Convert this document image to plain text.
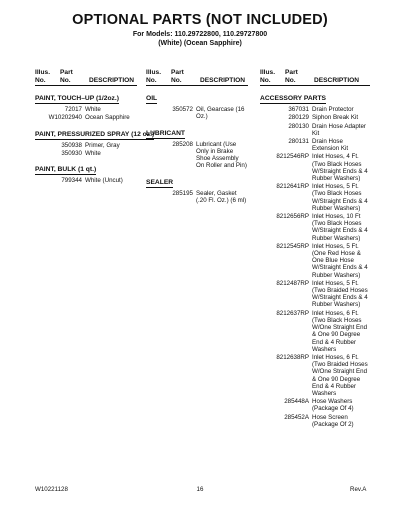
OPTIONAL PARTS (NOT INCLUDED)
For Models: 110.29722800, 110.29727800
(White) (Ocean Sapphire)
Illus.
No.
Part
No.	DESCRIPTION
PAINT, TOUCH–UP (1/2oz.)
72017 White
W10202940 Ocean Sapphire
PAINT, PRESSURIZED SPRAY (12 oz.)
350938 Primer, Gray
350930 White
PAINT, BULK (1 qt.)
799344 White (Uncut)
Illus.
No.
Part
No.	DESCRIPTION
OIL
350572 Oil, Gearcase (16 Oz.)
LUBRICANT
285208 Lubricant (Use Only in Brake Shoe Assembly On Roller and Pin)
SEALER
285195 Sealer, Gasket (.20 Fl. Oz.) (6 ml)
Illus.
No.
Part
No.	DESCRIPTION
ACCESSORY PARTS
367031 Drain Protector
280129 Siphon Break Kit
280130 Drain Hose Adapter Kit
280131 Drain Hose Extension Kit
8212546RP Inlet Hoses, 4 Ft. (Two Black Hoses W/Straight Ends & 4 Rubber Washers)
8212641RP Inlet Hoses, 5 Ft. (Two Black Hoses W/Straight Ends & 4 Rubber Washers)
8212656RP Inlet Hoses, 10 Ft (Two Black Hoses W/Straight Ends & 4 Rubber Washers)
8212545RP Inlet Hoses, 5 Ft. (One Red Hose & One Blue Hose W/Straight Ends & 4 Rubber Washers)
8212487RP Inlet Hoses, 5 Ft. (Two Braided Hoses W/Straight Ends & 4 Rubber Washers)
8212637RP Inlet Hoses, 6 Ft. (Two Black Hoses W/One Straight End & One 90 Degree End & 4 Rubber Washers
8212638RP Inlet Hoses, 6 Ft. (Two Braided Hoses W/One Straight End & One 90 Degree End & 4 Rubber Washers
285448A Hose Washers (Package Of 4)
285452A Hose Screen (Package Of 2)
W10221128	16	Rev.A
